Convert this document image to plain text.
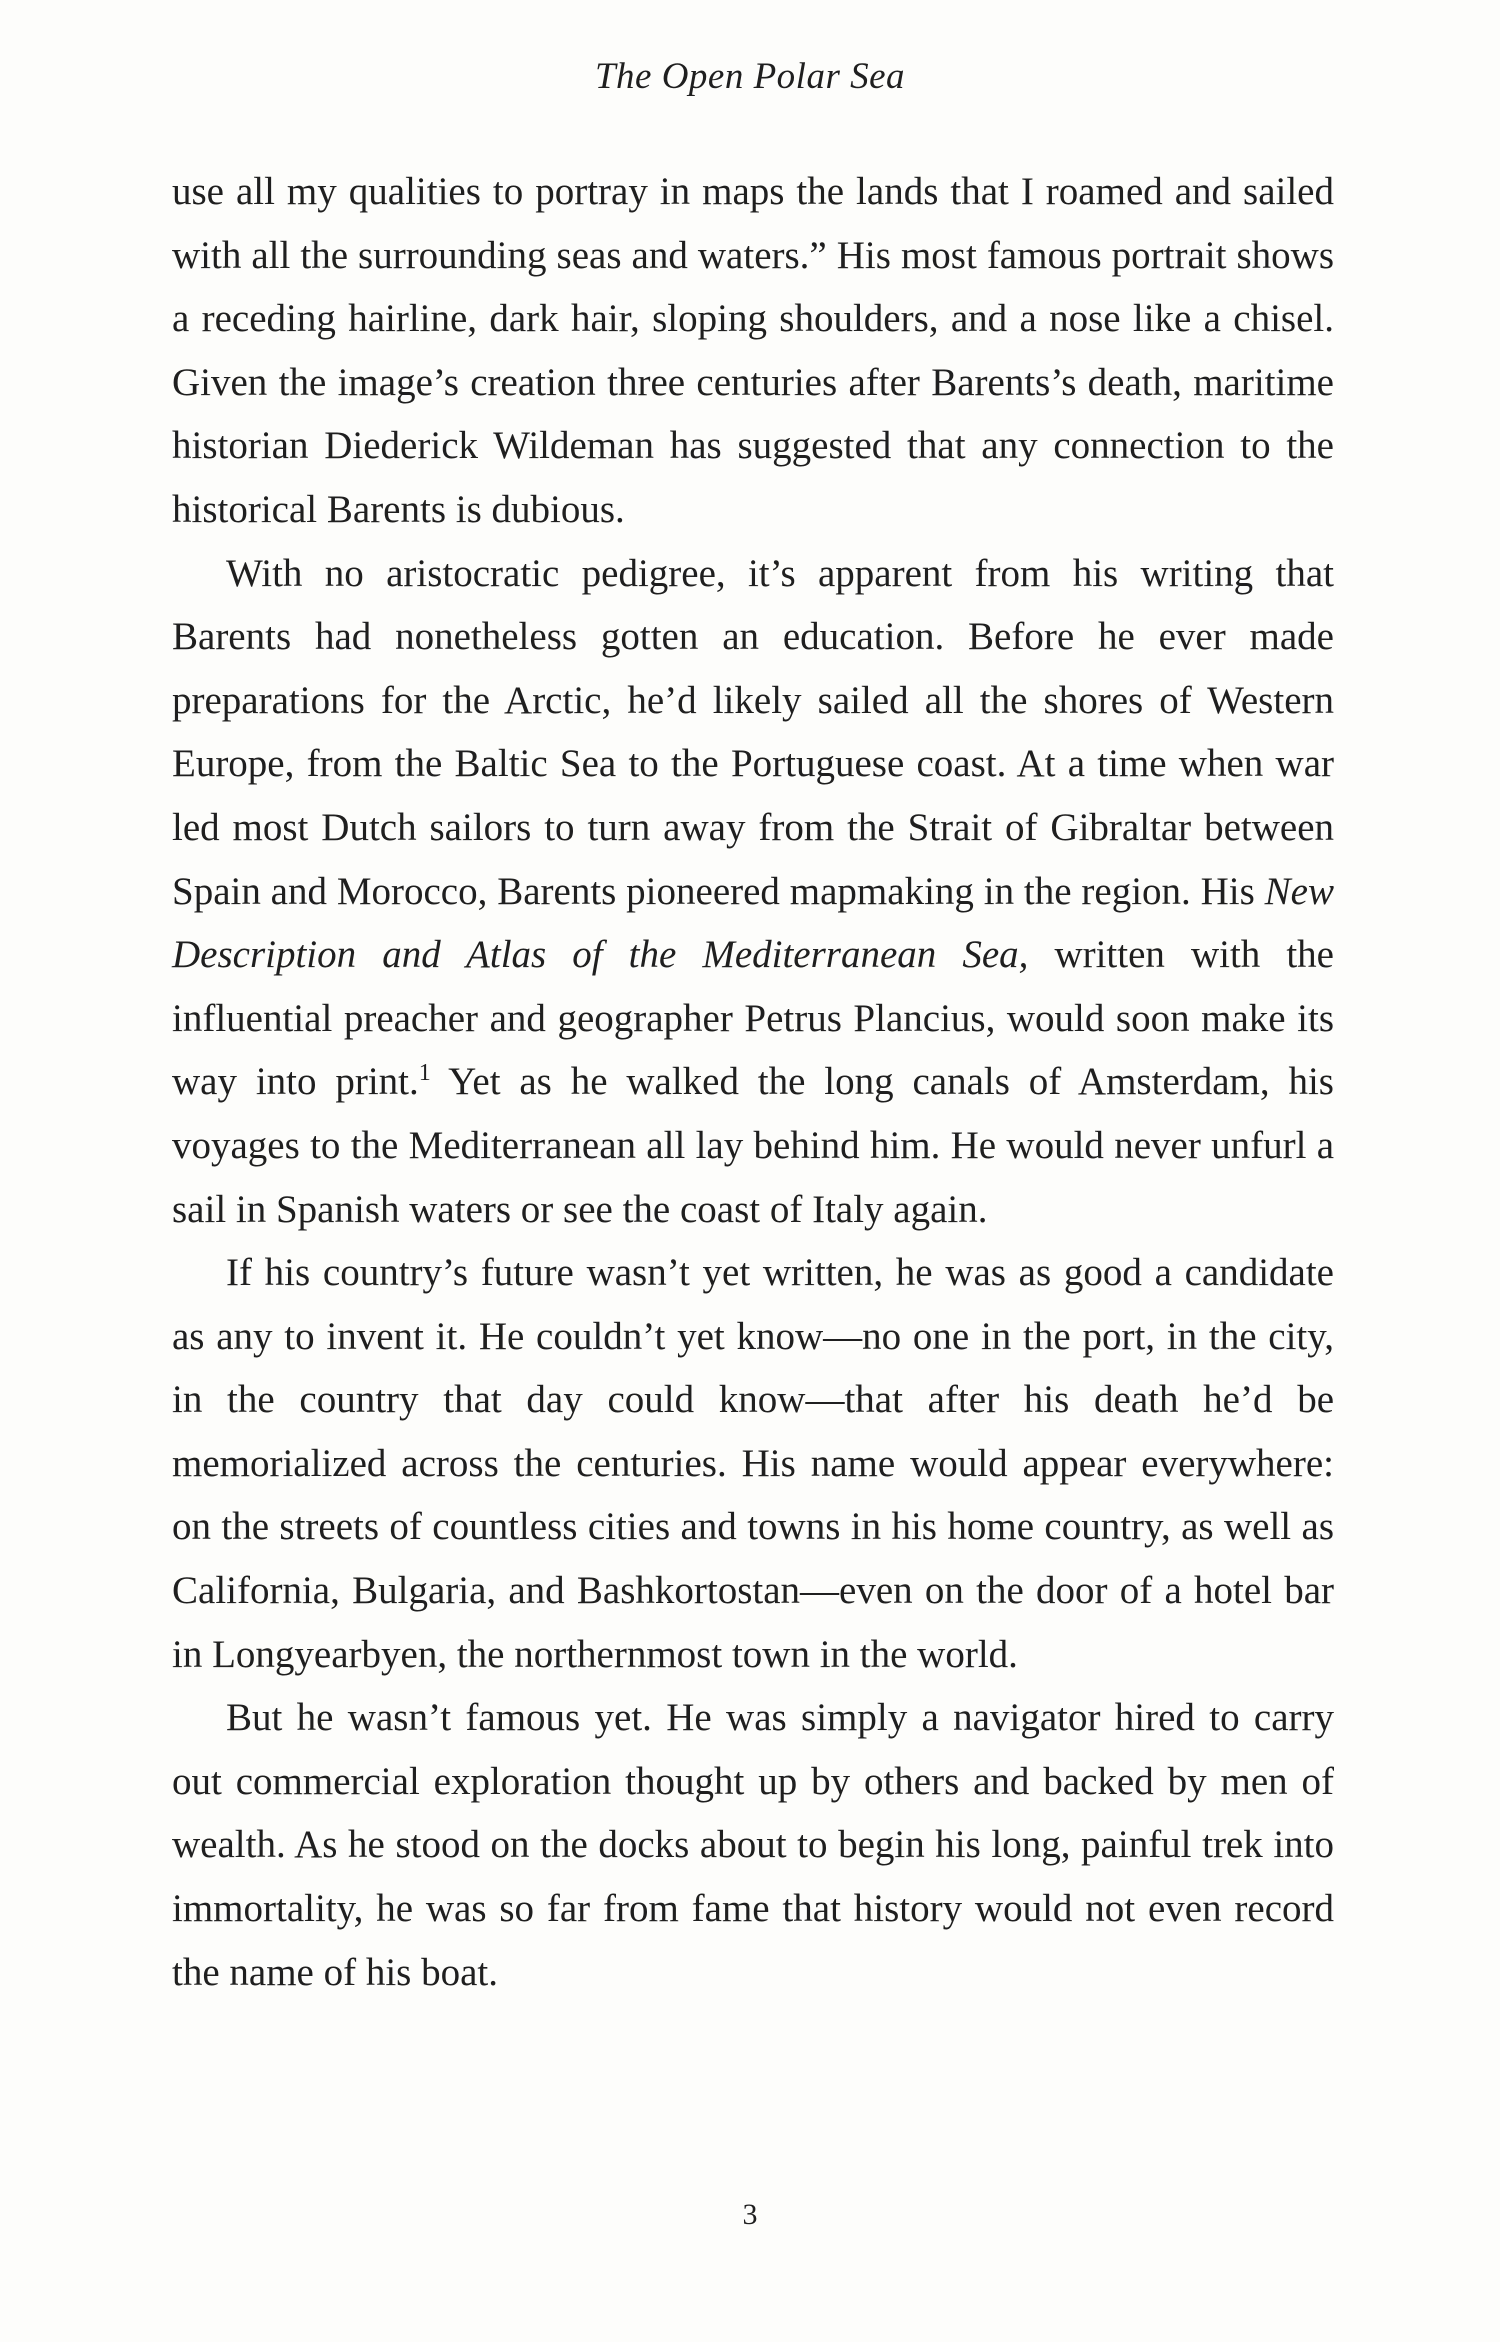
The Open Polar Sea

use all my qualities to portray in maps the lands that I roamed and sailed with all the surrounding seas and waters.” His most famous portrait shows a receding hairline, dark hair, sloping shoulders, and a nose like a chisel. Given the image’s creation three centuries after Barents’s death, maritime historian Diederick Wildeman has suggested that any connection to the historical Barents is dubious.

With no aristocratic pedigree, it’s apparent from his writing that Barents had nonetheless gotten an education. Before he ever made preparations for the Arctic, he’d likely sailed all the shores of Western Europe, from the Baltic Sea to the Portuguese coast. At a time when war led most Dutch sailors to turn away from the Strait of Gibraltar between Spain and Morocco, Barents pioneered mapmaking in the region. His New Description and Atlas of the Mediterranean Sea, written with the influential preacher and geographer Petrus Plancius, would soon make its way into print.$^1$ Yet as he walked the long canals of Amsterdam, his voyages to the Mediterranean all lay behind him. He would never unfurl a sail in Spanish waters or see the coast of Italy again.

If his country’s future wasn’t yet written, he was as good a candidate as any to invent it. He couldn’t yet know—no one in the port, in the city, in the country that day could know—that after his death he’d be memorialized across the centuries. His name would appear everywhere: on the streets of countless cities and towns in his home country, as well as California, Bulgaria, and Bashkortostan—even on the door of a hotel bar in Longyearbyen, the northernmost town in the world.

But he wasn’t famous yet. He was simply a navigator hired to carry out commercial exploration thought up by others and backed by men of wealth. As he stood on the docks about to begin his long, painful trek into immortality, he was so far from fame that history would not even record the name of his boat.

3
